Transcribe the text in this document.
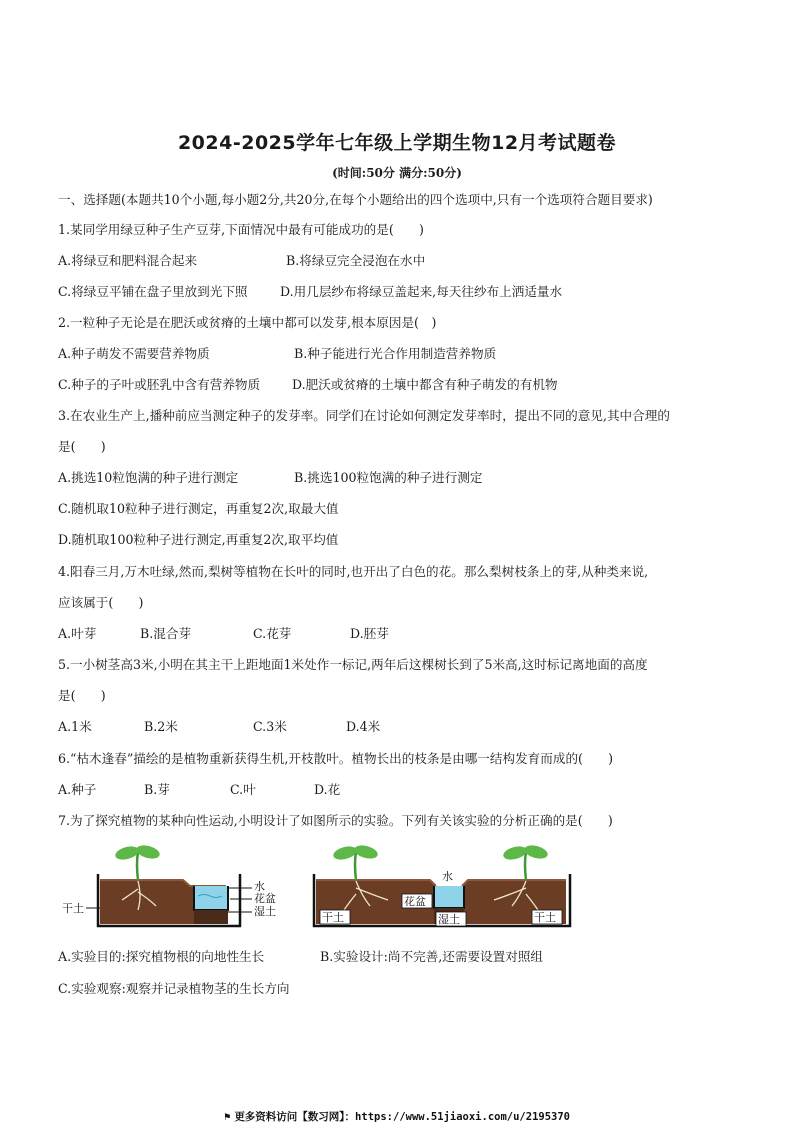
2024-2025学年七年级上学期生物12月考试题卷
(时间:50分 满分:50分)
一、选择题(本题共10个小题,每小题2分,共20分,在每个小题给出的四个选项中,只有一个选项符合题目要求)
1.某同学用绿豆种子生产豆芽,下面情况中最有可能成功的是(　　)
A.将绿豆和肥料混合起来	B.将绿豆完全浸泡在水中
C.将绿豆平铺在盘子里放到光下照	D.用几层纱布将绿豆盖起来,每天往纱布上洒适量水
2.一粒种子无论是在肥沃或贫瘠的土壤中都可以发芽,根本原因是(　)
A.种子萌发不需要营养物质	B.种子能进行光合作用制造营养物质
C.种子的子叶或胚乳中含有营养物质	D.肥沃或贫瘠的土壤中都含有种子萌发的有机物
3.在农业生产上,播种前应当测定种子的发芽率。同学们在讨论如何测定发芽率时，提出不同的意见,其中合理的
是(　　)
A.挑选10粒饱满的种子进行测定	B.挑选100粒饱满的种子进行测定
C.随机取10粒种子进行测定，再重复2次,取最大值
D.随机取100粒种子进行测定,再重复2次,取平均值
4.阳春三月,万木吐绿,然而,梨树等植物在长叶的同时,也开出了白色的花。那么梨树枝条上的芽,从种类来说,
应该属于(　　)
A.叶芽	B.混合芽	C.花芽	D.胚芽
5.一小树茎高3米,小明在其主干上距地面1米处作一标记,两年后这棵树长到了5米高,这时标记离地面的高度
是(　　)
A.1米	B.2米	C.3米	D.4米
6.“枯木逢春”描绘的是植物重新获得生机,开枝散叶。植物长出的枝条是由哪一结构发育而成的(　　)
A.种子	B.芽	C.叶	D.花
7.为了探究植物的某种向性运动,小明设计了如图所示的实验。下列有关该实验的分析正确的是(　　)
干土
水
花盆
湿土
水
花盆
湿土
干土	干土
A.实验目的:探究植物根的向地性生长	B.实验设计:尚不完善,还需要设置对照组
C.实验观察:观察并记录植物茎的生长方向
⚑ 更多资料访问【数习网】：https://www.51jiaoxi.com/u/2195370
